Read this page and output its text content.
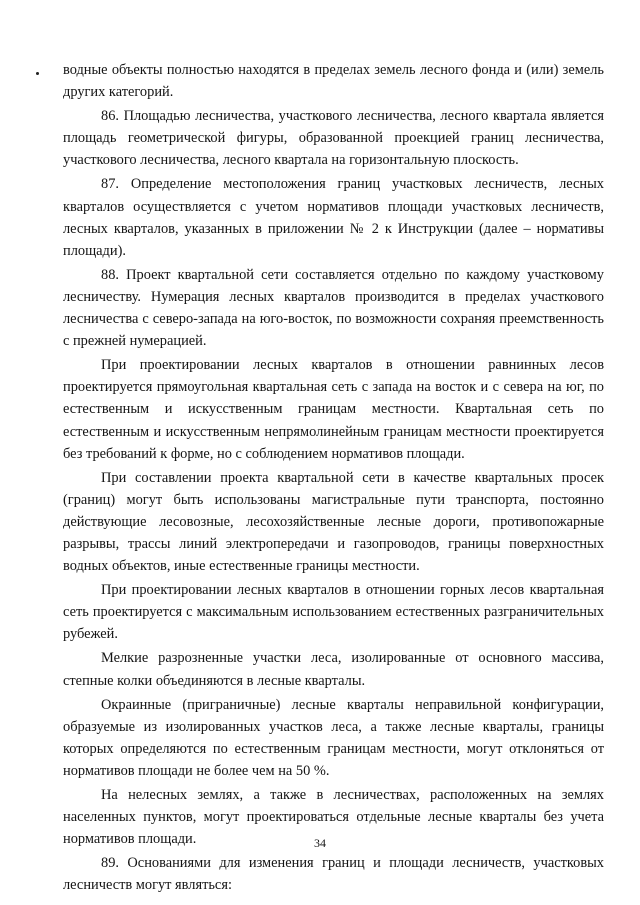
водные объекты полностью находятся в пределах земель лесного фонда и (или) земель других категорий.

86. Площадью лесничества, участкового лесничества, лесного квартала является площадь геометрической фигуры, образованной проекцией границ лесничества, участкового лесничества, лесного квартала на горизонтальную плоскость.

87. Определение местоположения границ участковых лесничеств, лесных кварталов осуществляется с учетом нормативов площади участковых лесничеств, лесных кварталов, указанных в приложении № 2 к Инструкции (далее – нормативы площади).

88. Проект квартальной сети составляется отдельно по каждому участковому лесничеству. Нумерация лесных кварталов производится в пределах участкового лесничества с северо-запада на юго-восток, по возможности сохраняя преемственность с прежней нумерацией.

При проектировании лесных кварталов в отношении равнинных лесов проектируется прямоугольная квартальная сеть с запада на восток и с севера на юг, по естественным и искусственным границам местности. Квартальная сеть по естественным и искусственным непрямолинейным границам местности проектируется без требований к форме, но с соблюдением нормативов площади.

При составлении проекта квартальной сети в качестве квартальных просек (границ) могут быть использованы магистральные пути транспорта, постоянно действующие лесовозные, лесохозяйственные лесные дороги, противопожарные разрывы, трассы линий электропередачи и газопроводов, границы поверхностных водных объектов, иные естественные границы местности.

При проектировании лесных кварталов в отношении горных лесов квартальная сеть проектируется с максимальным использованием естественных разграничительных рубежей.

Мелкие разрозненные участки леса, изолированные от основного массива, степные колки объединяются в лесные кварталы.

Окраинные (приграничные) лесные кварталы неправильной конфигурации, образуемые из изолированных участков леса, а также лесные кварталы, границы которых определяются по естественным границам местности, могут отклоняться от нормативов площади не более чем на 50 %.

На нелесных землях, а также в лесничествах, расположенных на землях населенных пунктов, могут проектироваться отдельные лесные кварталы без учета нормативов площади.

89. Основаниями для изменения границ и площади лесничеств, участковых лесничеств могут являться:

34
